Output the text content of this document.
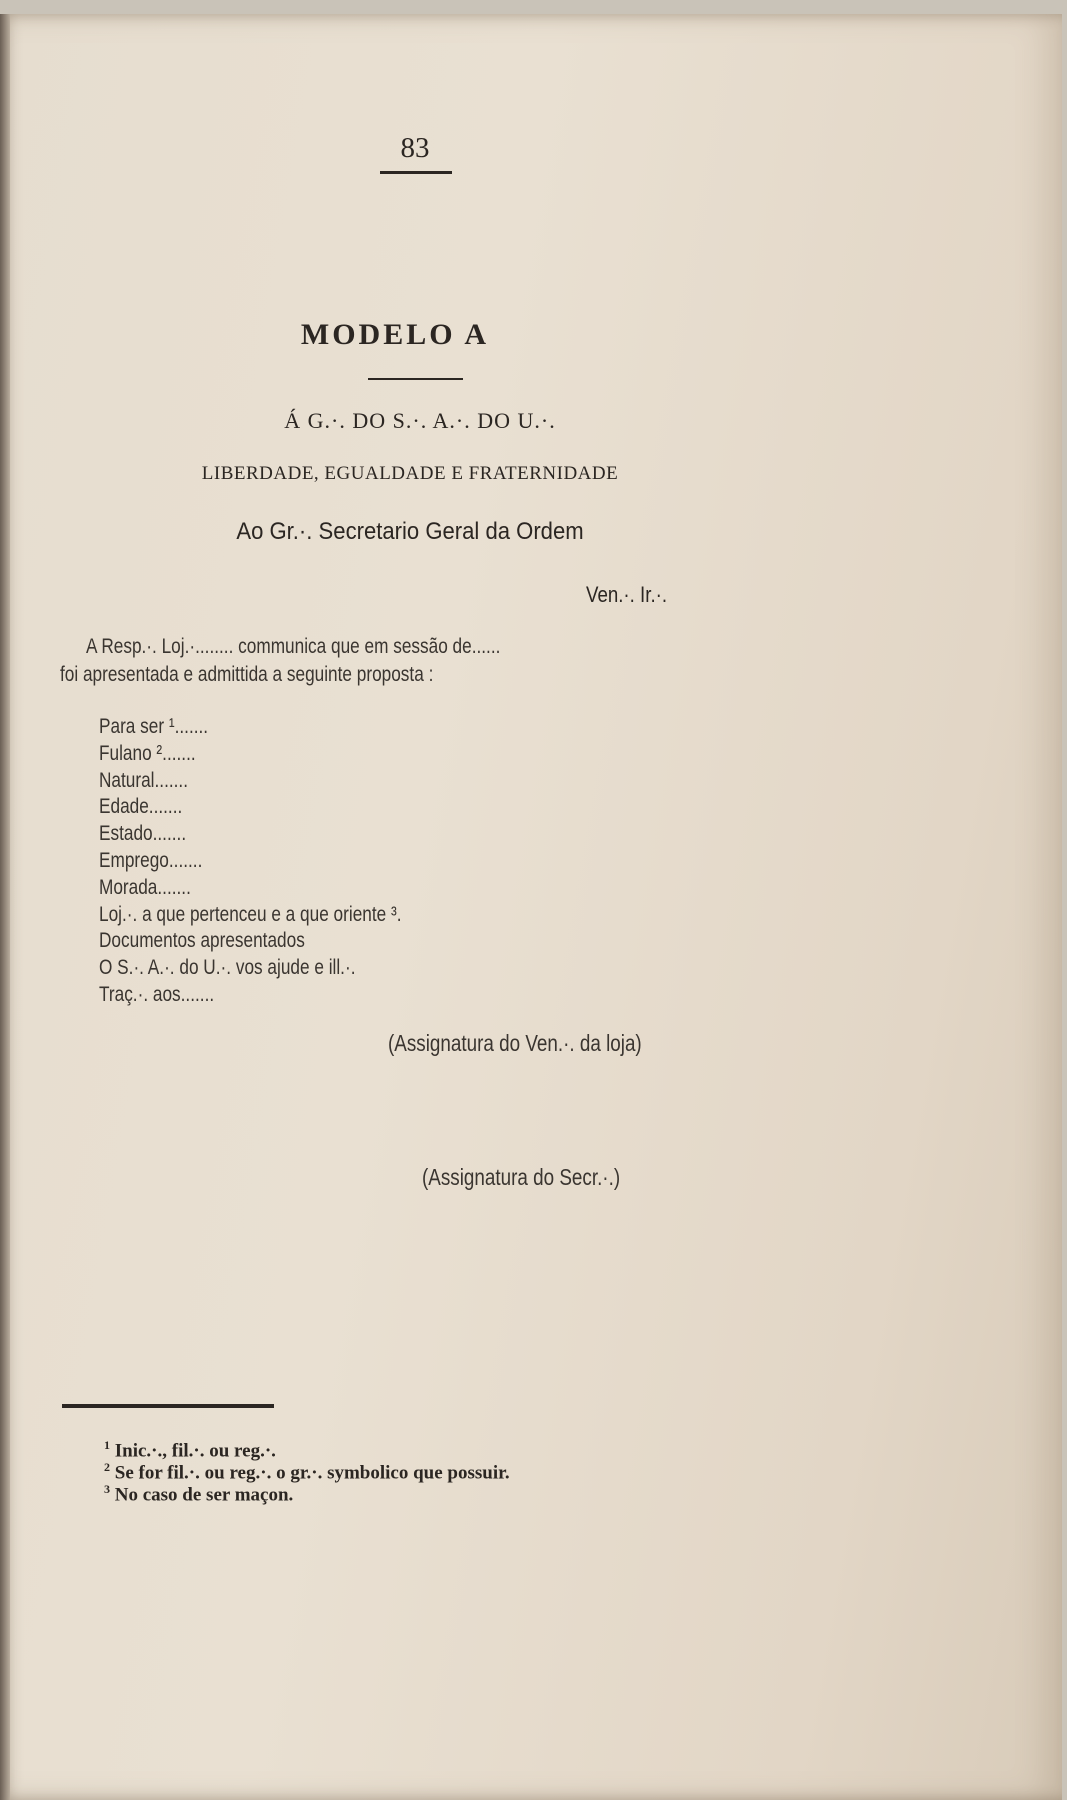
83
MODELO A
Á G.·. DO S.·. A.·. DO U.·.
LIBERDADE, EGUALDADE E FRATERNIDADE
Ao Gr.·. Secretario Geral da Ordem
Ven.·. Ir.·.
A Resp.·. Loj.·........ communica que em sessão de......
foi apresentada e admittida a seguinte proposta :
Para ser ¹.......
Fulano ².......
Natural.......
Edade.......
Estado.......
Emprego.......
Morada.......
Loj.·. a que pertenceu e a que oriente ³.
Documentos apresentados
O S.·. A.·. do U.·. vos ajude e ill.·.
Traç.·. aos.......
(Assignatura do Ven.·. da loja)
(Assignatura do Secr.·.)
$^1$ Inic.·., fil.·. ou reg.·.
$^2$ Se for fil.·. ou reg.·. o gr.·. symbolico que possuir.
$^3$ No caso de ser maçon.
